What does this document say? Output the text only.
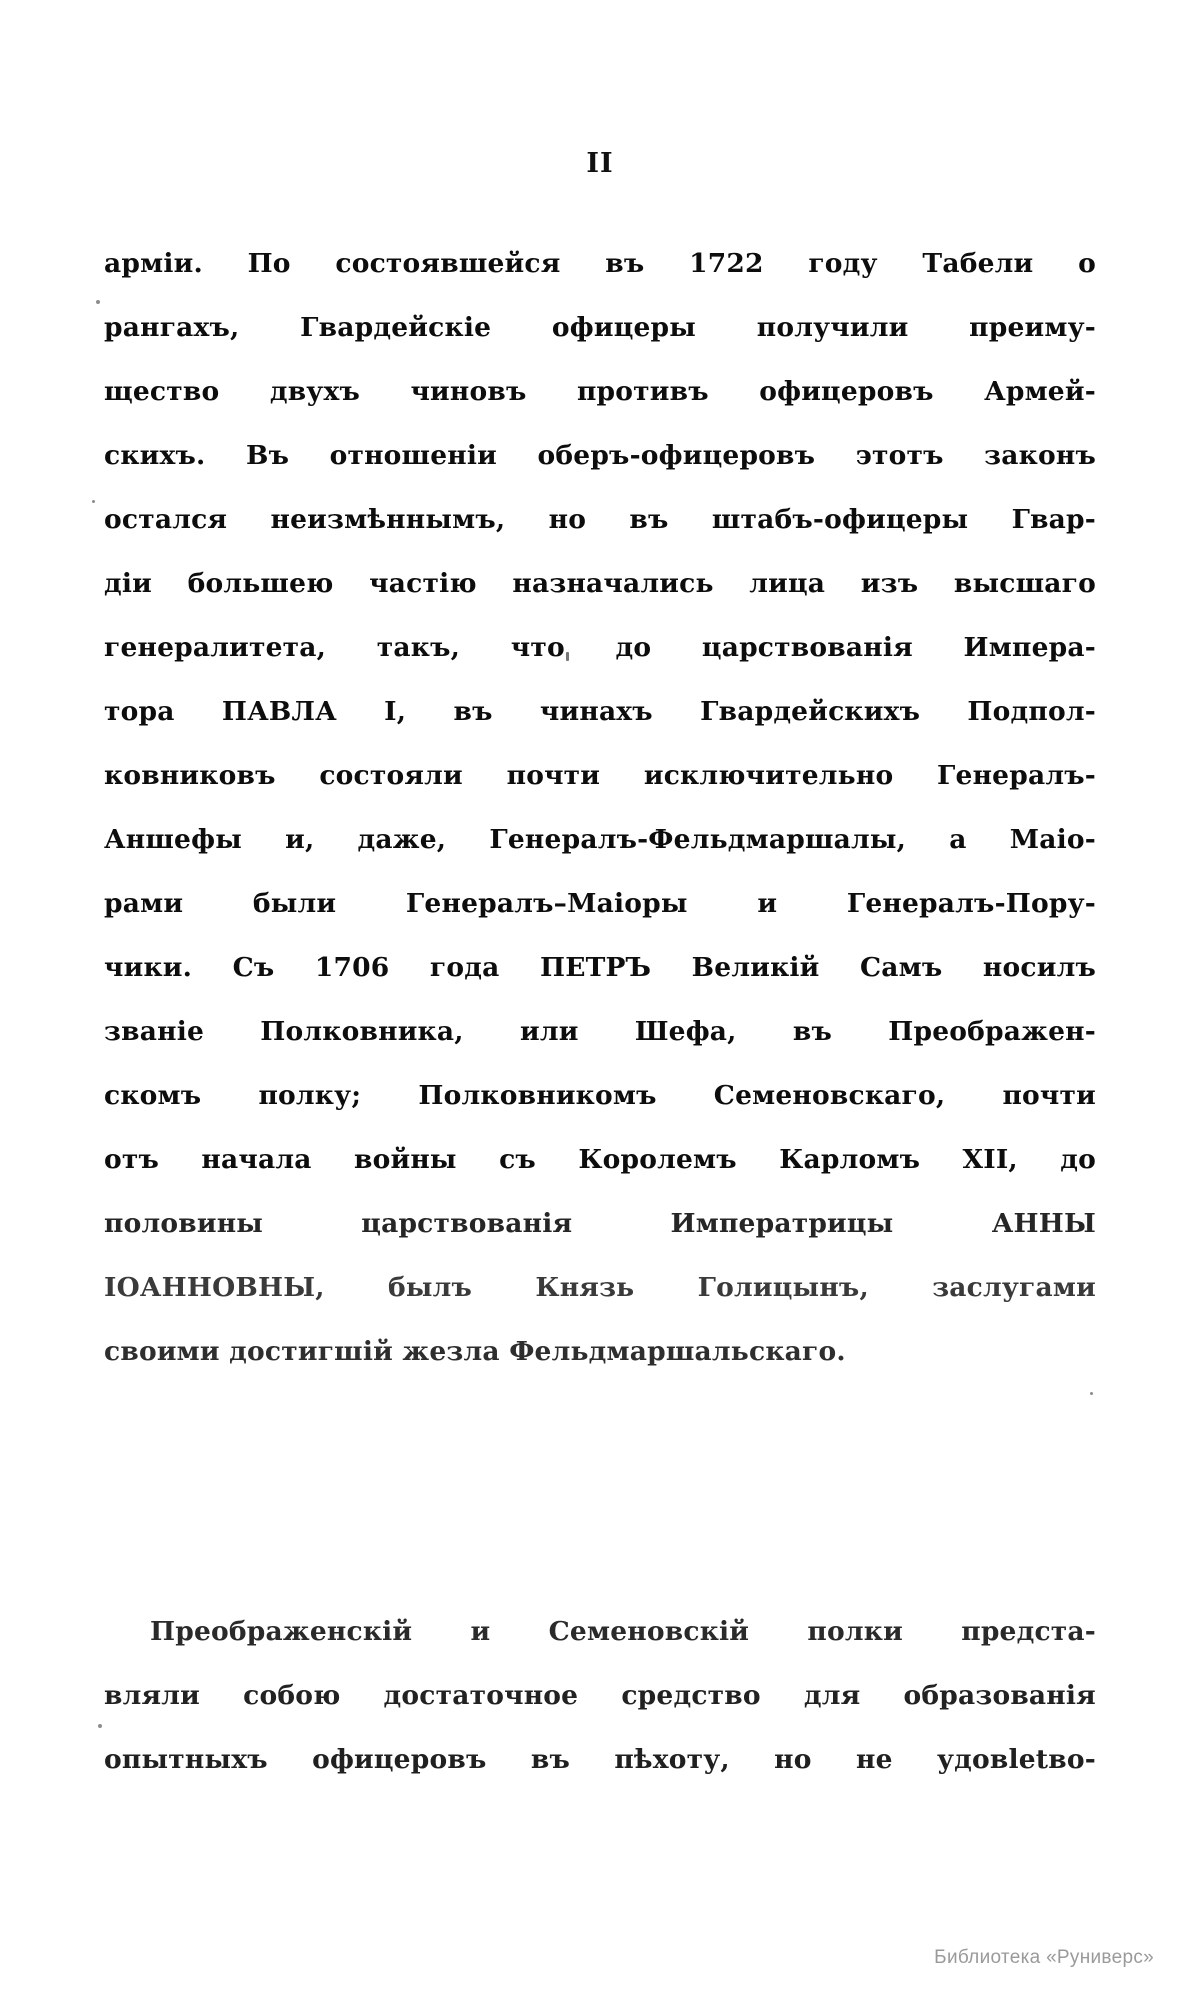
II
армiи. По состоявшейся въ 1722 году Табели о
рангахъ, Гвардейскiе офицеры получили преиму-
щество двухъ чиновъ противъ офицеровъ Армей-
скихъ. Въ отношенiи оберъ-офицеровъ этотъ законъ
остался неизмѣннымъ, но въ штабъ-офицеры Гвар-
дiи большею частiю назначались лица изъ высшаго
генералитета, такъ, что до царствованiя Импера-
тора ПАВЛА I, въ чинахъ Гвардейскихъ Подпол-
ковниковъ состояли почти исключительно Генералъ-
Аншефы и, даже, Генералъ-Фельдмаршалы, а Маiо-
рами	были	Генералъ–Маiоры	и	Генералъ-Пору-
чики. Съ 1706 года ПЕТРЪ Великiй Самъ носилъ
званiе Полковника, или Шефа, въ Преображен-
скомъ полку; Полковникомъ Семеновскаго, почти
отъ начала войны съ Королемъ Карломъ XII, до
половины	царствованiя	Императрицы	АННЫ
IОАННОВНЫ, былъ Князь Голицынъ, заслугами
своими достигшiй жезла Фельдмаршальскаго.
Преображенскiй и Семеновскiй полки предста-
вляли собою достаточное средство для образованiя
опытныхъ офицеровъ въ пѣхоту, но не удовletво-
Библиотека «Руниверс»
